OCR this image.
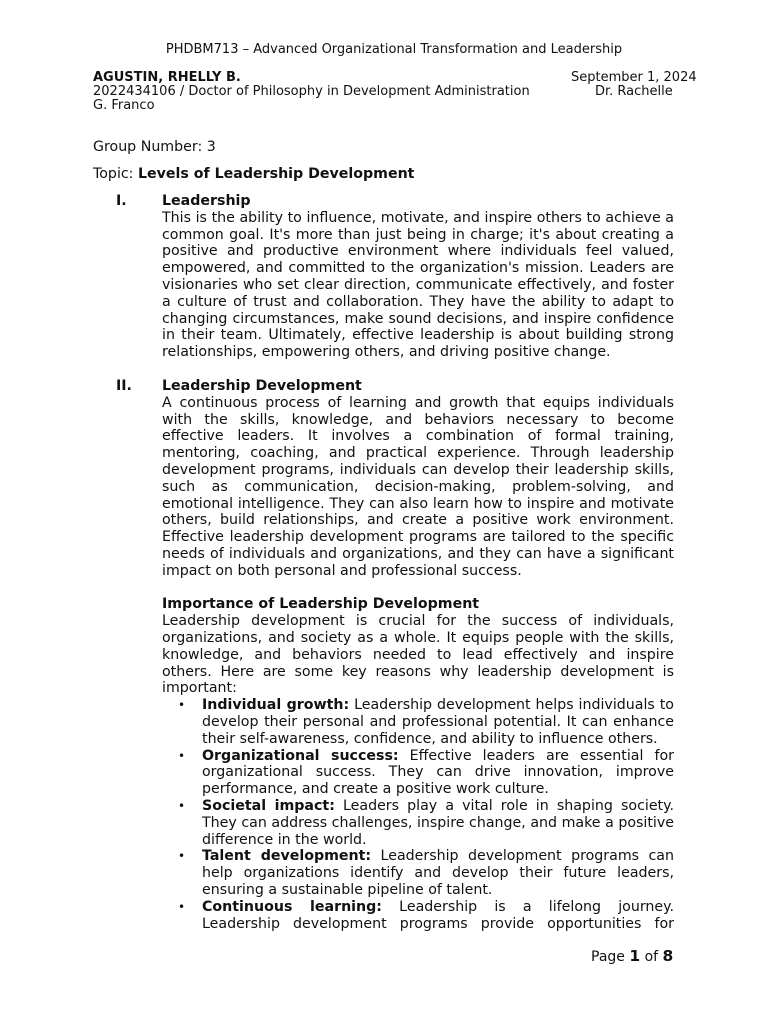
PHDBM713 – Advanced Organizational Transformation and Leadership
AGUSTIN, RHELLY B.	September 1, 2024
2022434106 / Doctor of Philosophy in Development Administration	Dr. Rachelle
G. Franco
Group Number: 3
Topic: Levels of Leadership Development
I. Leadership
This is the ability to influence, motivate, and inspire others to achieve a common goal. It's more than just being in charge; it's about creating a positive and productive environment where individuals feel valued, empowered, and committed to the organization's mission. Leaders are visionaries who set clear direction, communicate effectively, and foster a culture of trust and collaboration. They have the ability to adapt to changing circumstances, make sound decisions, and inspire confidence in their team. Ultimately, effective leadership is about building strong relationships, empowering others, and driving positive change.
II. Leadership Development
A continuous process of learning and growth that equips individuals with the skills, knowledge, and behaviors necessary to become effective leaders. It involves a combination of formal training, mentoring, coaching, and practical experience. Through leadership development programs, individuals can develop their leadership skills, such as communication, decision-making, problem-solving, and emotional intelligence. They can also learn how to inspire and motivate others, build relationships, and create a positive work environment. Effective leadership development programs are tailored to the specific needs of individuals and organizations, and they can have a significant impact on both personal and professional success.
Importance of Leadership Development
Leadership development is crucial for the success of individuals, organizations, and society as a whole. It equips people with the skills, knowledge, and behaviors needed to lead effectively and inspire others. Here are some key reasons why leadership development is important:
• Individual growth: Leadership development helps individuals to develop their personal and professional potential. It can enhance their self-awareness, confidence, and ability to influence others.
• Organizational success: Effective leaders are essential for organizational success. They can drive innovation, improve performance, and create a positive work culture.
• Societal impact: Leaders play a vital role in shaping society. They can address challenges, inspire change, and make a positive difference in the world.
• Talent development: Leadership development programs can help organizations identify and develop their future leaders, ensuring a sustainable pipeline of talent.
• Continuous learning: Leadership is a lifelong journey. Leadership development programs provide opportunities for
Page 1 of 8
